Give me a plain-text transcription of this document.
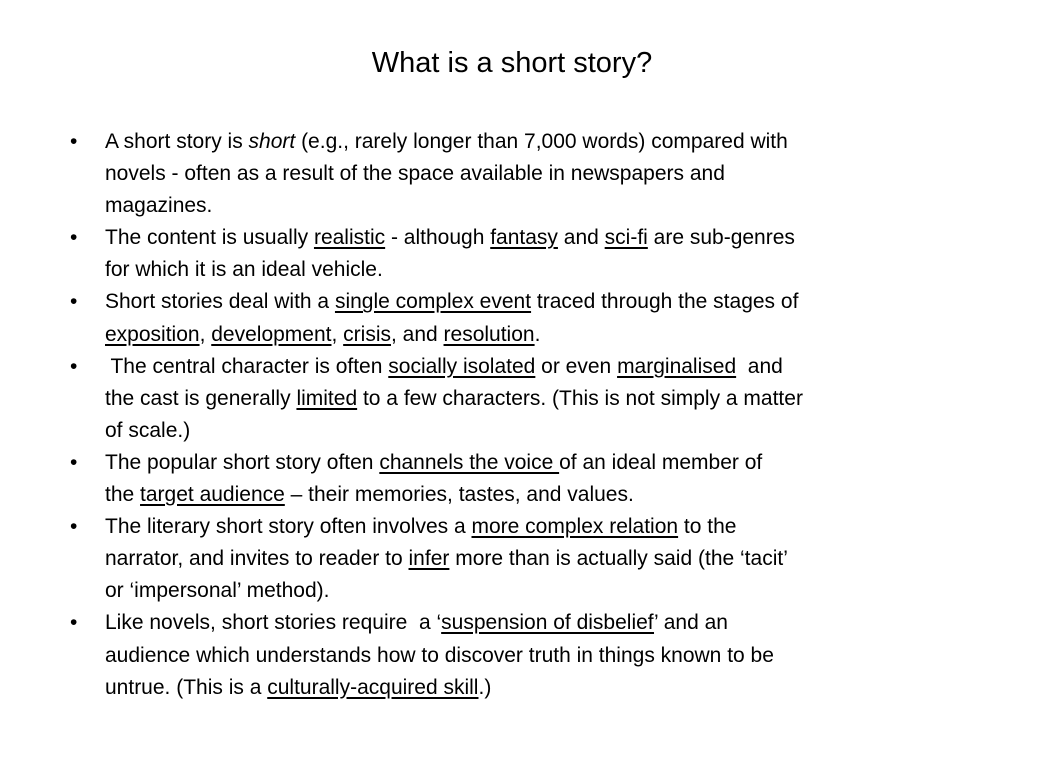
What is a short story?
• A short story is short (e.g., rarely longer than 7,000 words) compared with
novels - often as a result of the space available in newspapers and
magazines.
• The content is usually realistic - although fantasy and sci-fi are sub-genres
for which it is an ideal vehicle.
• Short stories deal with a single complex event traced through the stages of
exposition, development, crisis, and resolution.
• The central character is often socially isolated or even marginalised  and
the cast is generally limited to a few characters. (This is not simply a matter
of scale.)
• The popular short story often channels the voice of an ideal member of
the target audience – their memories, tastes, and values.
• The literary short story often involves a more complex relation to the
narrator, and invites to reader to infer more than is actually said (the ‘tacit’
or ‘impersonal’ method).
• Like novels, short stories require  a ‘suspension of disbelief’ and an
audience which understands how to discover truth in things known to be
untrue. (This is a culturally-acquired skill.)
